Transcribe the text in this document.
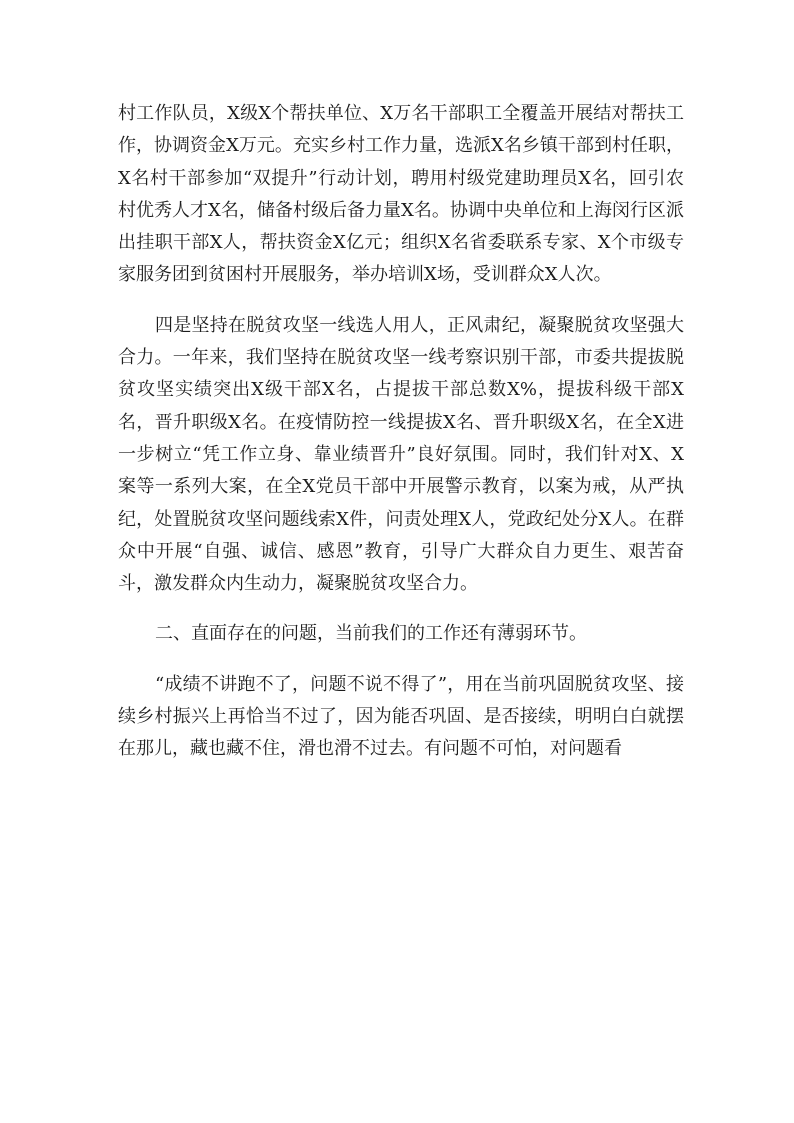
村工作队员，X级X个帮扶单位、X万名干部职工全覆盖开展结对帮扶工作，协调资金X万元。充实乡村工作力量，选派X名乡镇干部到村任职，X名村干部参加“双提升”行动计划，聘用村级党建助理员X名，回引农村优秀人才X名，储备村级后备力量X名。协调中央单位和上海闵行区派出挂职干部X人，帮扶资金X亿元；组织X名省委联系专家、X个市级专家服务团到贫困村开展服务，举办培训X场，受训群众X人次。

四是坚持在脱贫攻坚一线选人用人，正风肃纪，凝聚脱贫攻坚强大合力。一年来，我们坚持在脱贫攻坚一线考察识别干部，市委共提拔脱贫攻坚实绩突出X级干部X名，占提拔干部总数X%，提拔科级干部X名，晋升职级X名。在疫情防控一线提拔X名、晋升职级X名，在全X进一步树立“凭工作立身、靠业绩晋升”良好氛围。同时，我们针对X、X案等一系列大案，在全X党员干部中开展警示教育，以案为戒，从严执纪，处置脱贫攻坚问题线索X件，问责处理X人，党政纪处分X人。在群众中开展“自强、诚信、感恩”教育，引导广大群众自力更生、艰苦奋斗，激发群众内生动力，凝聚脱贫攻坚合力。

二、直面存在的问题，当前我们的工作还有薄弱环节。

“成绩不讲跑不了，问题不说不得了”，用在当前巩固脱贫攻坚、接续乡村振兴上再恰当不过了，因为能否巩固、是否接续，明明白白就摆在那儿，藏也藏不住，滑也滑不过去。有问题不可怕，对问题看
